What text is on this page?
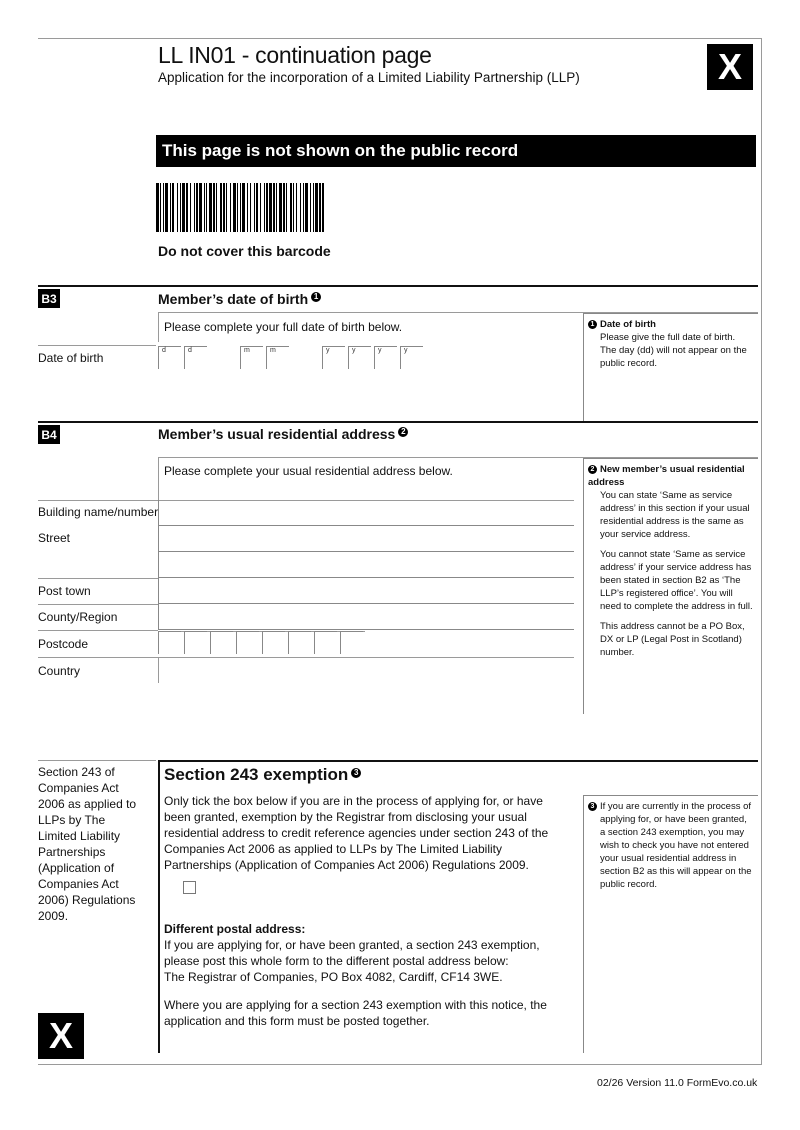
LL IN01 - continuation page
Application for the incorporation of a Limited Liability Partnership (LLP)	X
This page is not shown on the public record
Do not cover this barcode
B3	Member’s date of birth 1
Please complete your full date of birth below.
Date of birth
d	d	m	m	y	y	y	y
1 Date of birth
Please give the full date of birth. The day (dd) will not appear on the public record.
B4	Member’s usual residential address 2
Please complete your usual residential address below.
Building name/number
Street
Post town
County/Region
Postcode
Country
2 New member’s usual residential address
You can state ‘Same as service address’ in this section if your usual residential address is the same as your service address.
You cannot state ‘Same as service address’ if your service address has been stated in section B2 as ‘The LLP’s registered office’. You will need to complete the address in full.
This address cannot be a PO Box, DX or LP (Legal Post in Scotland) number.
Section 243 of Companies Act 2006 as applied to LLPs by The Limited Liability Partnerships (Application of Companies Act 2006) Regulations 2009.
Section 243 exemption 3
Only tick the box below if you are in the process of applying for, or have been granted, exemption by the Registrar from disclosing your usual residential address to credit reference agencies under section 243 of the Companies Act 2006 as applied to LLPs by The Limited Liability Partnerships (Application of Companies Act 2006) Regulations 2009.
Different postal address:
If you are applying for, or have been granted, a section 243 exemption, please post this whole form to the different postal address below:
The Registrar of Companies, PO Box 4082, Cardiff, CF14 3WE.
Where you are applying for a section 243 exemption with this notice, the application and this form must be posted together.
3 If you are currently in the process of applying for, or have been granted, a section 243 exemption, you may wish to check you have not entered your usual residential address in section B2 as this will appear on the public record.
X
02/26 Version 11.0 FormEvo.co.uk
